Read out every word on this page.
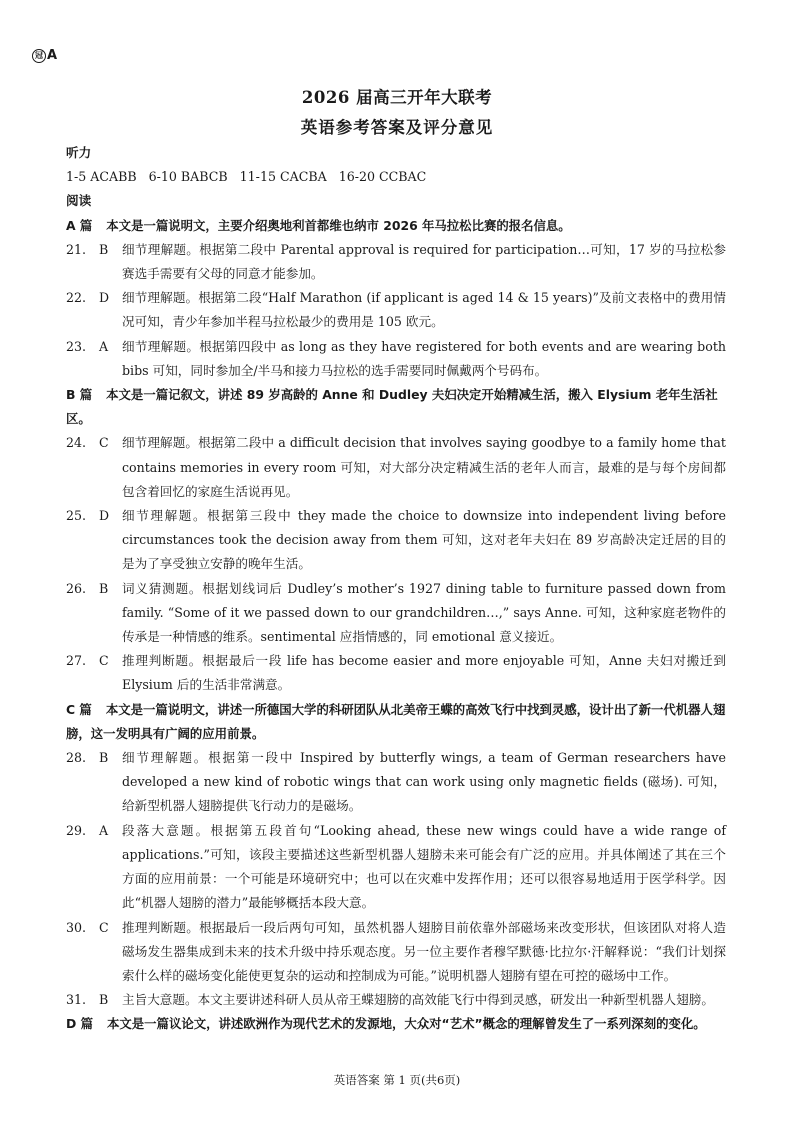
冠 A
2026 届高三开年大联考
英语参考答案及评分意见
听力
1-5 ACABB   6-10 BABCB   11-15 CACBA   16-20 CCBAC
阅读
A 篇 本文是一篇说明文，主要介绍奥地利首都维也纳市 2026 年马拉松比赛的报名信息。
21.	B	细节理解题。根据第二段中 Parental approval is required for participation…可知，17 岁的马拉松参赛选手需要有父母的同意才能参加。
22.	D	细节理解题。根据第二段“Half Marathon (if applicant is aged 14 & 15 years)”及前文表格中的费用情况可知，青少年参加半程马拉松最少的费用是 105 欧元。
23.	A	细节理解题。根据第四段中 as long as they have registered for both events and are wearing both bibs 可知，同时参加全/半马和接力马拉松的选手需要同时佩戴两个号码布。
B 篇 本文是一篇记叙文，讲述 89 岁高龄的 Anne 和 Dudley 夫妇决定开始精减生活，搬入 Elysium 老年生活社区。
24.	C	细节理解题。根据第二段中 a difficult decision that involves saying goodbye to a family home that contains memories in every room 可知，对大部分决定精减生活的老年人而言，最难的是与每个房间都包含着回忆的家庭生活说再见。
25.	D	细节理解题。根据第三段中 they made the choice to downsize into independent living before circumstances took the decision away from them 可知，这对老年夫妇在 89 岁高龄决定迁居的目的是为了享受独立安静的晚年生活。
26.	B	词义猜测题。根据划线词后 Dudley’s mother’s 1927 dining table to furniture passed down from family. “Some of it we passed down to our grandchildren…,” says Anne. 可知，这种家庭老物件的传承是一种情感的维系。sentimental 应指情感的，同 emotional 意义接近。
27.	C	推理判断题。根据最后一段 life has become easier and more enjoyable 可知，Anne 夫妇对搬迁到 Elysium 后的生活非常满意。
C 篇 本文是一篇说明文，讲述一所德国大学的科研团队从北美帝王蝶的高效飞行中找到灵感，设计出了新一代机器人翅膀，这一发明具有广阔的应用前景。
28.	B	细节理解题。根据第一段中 Inspired by butterfly wings, a team of German researchers have developed a new kind of robotic wings that can work using only magnetic fields (磁场). 可知，给新型机器人翅膀提供飞行动力的是磁场。
29.	A	段落大意题。根据第五段首句“Looking ahead, these new wings could have a wide range of applications.”可知，该段主要描述这些新型机器人翅膀未来可能会有广泛的应用。并具体阐述了其在三个方面的应用前景：一个可能是环境研究中；也可以在灾难中发挥作用；还可以很容易地适用于医学科学。因此“机器人翅膀的潜力”最能够概括本段大意。
30.	C	推理判断题。根据最后一段后两句可知，虽然机器人翅膀目前依靠外部磁场来改变形状，但该团队对将人造磁场发生器集成到未来的技术升级中持乐观态度。另一位主要作者穆罕默德·比拉尔·汗解释说：“我们计划探索什么样的磁场变化能使更复杂的运动和控制成为可能。”说明机器人翅膀有望在可控的磁场中工作。
31.	B	主旨大意题。本文主要讲述科研人员从帝王蝶翅膀的高效能飞行中得到灵感，研发出一种新型机器人翅膀。
D 篇 本文是一篇议论文，讲述欧洲作为现代艺术的发源地，大众对“艺术”概念的理解曾发生了一系列深刻的变化。
英语答案 第 1 页(共6页)
